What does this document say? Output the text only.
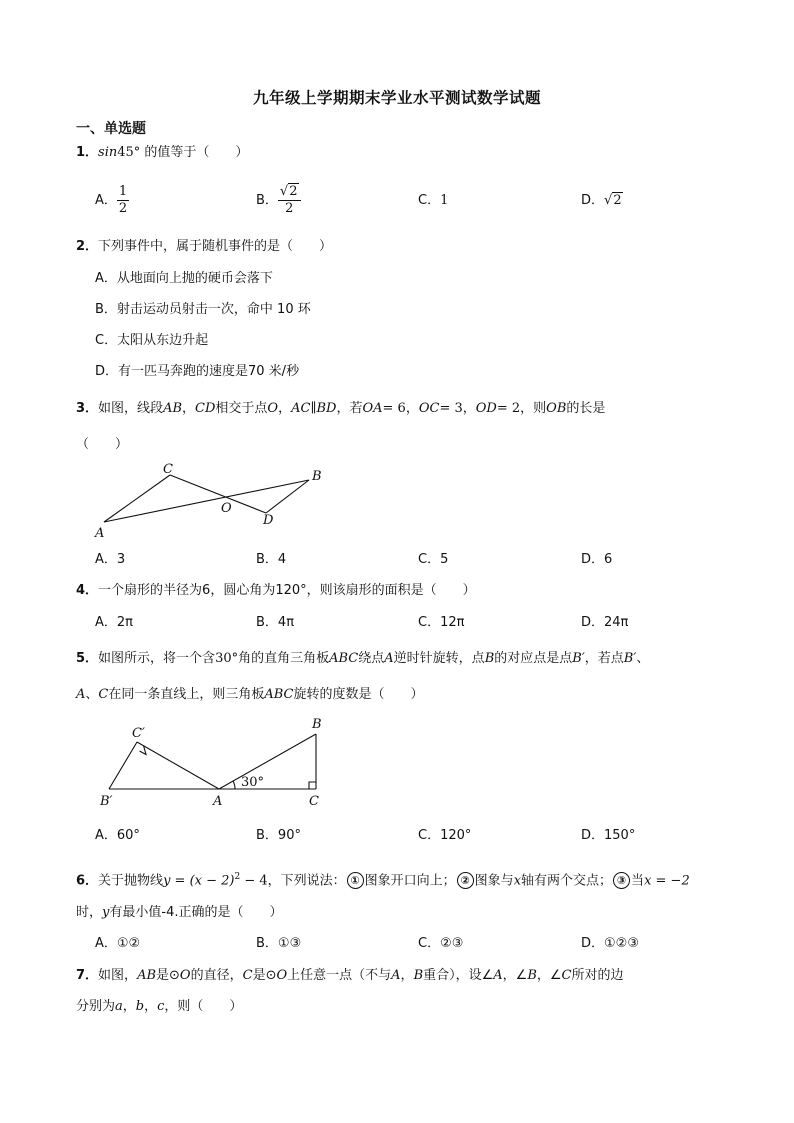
九年级上学期期末学业水平测试数学试题
一、单选题
1．sin45° 的值等于（　　）
A． $\frac{1}{2}$	B． $\frac{√2}{2}$	C．1	D．√2
2．下列事件中，属于随机事件的是（　　）
A．从地面向上抛的硬币会落下
B．射击运动员射击一次，命中 10 环
C．太阳从东边升起
D．有一匹马奔跑的速度是70 米/秒
3．如图，线段AB，CD相交于点O，AC∥BD，若OA= 6，OC= 3，OD= 2，则OB的长是
（　　）
C	B
O
A
D
A．3	B．4	C．5	D．6
4．一个扇形的半径为6，圆心角为120°，则该扇形的面积是（　　）
A．2π	B．4π	C．12π	D．24π
5．如图所示，将一个含30°角的直角三角板ABC绕点A逆时针旋转，点B的对应点是点B′，若点B′、
A、C在同一条直线上，则三角板ABC旋转的度数是（　　）
C′
B
30°
B′	A	C
A．60°	B．90°	C．120°	D．150°
6．关于抛物线$y = (x - 2)^2 - 4$，下列说法： ① 图象开口向上； ② 图象与x轴有两个交点； ③ 当x = −2
时，y有最小值-4.正确的是（　　）
A．①②	B．①③	C．②③	D．①②③
7．如图，AB是⊙O的直径，C是⊙O上任意一点（不与A，B重合），设∠A，∠B，∠C所对的边
分别为a，b，c，则（　　）
